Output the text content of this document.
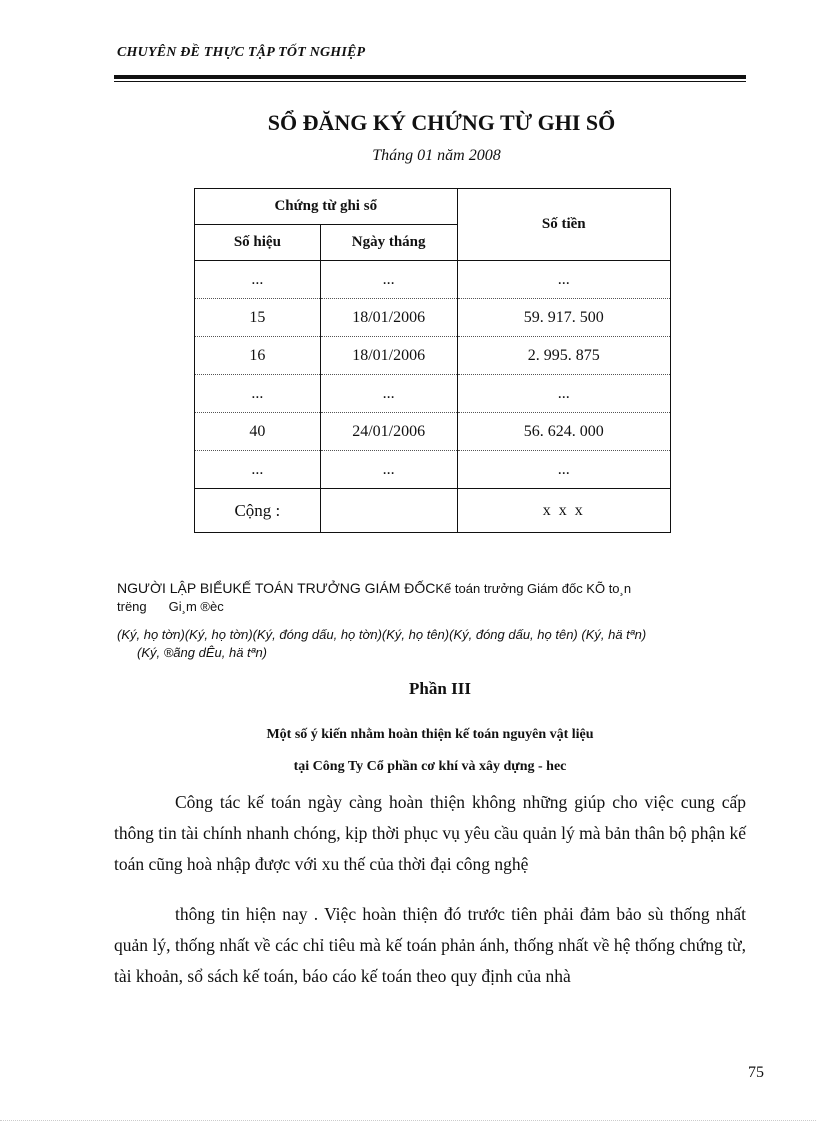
CHUYÊN ĐỀ THỰC TẬP TỐT NGHIỆP
SỔ ĐĂNG KÝ CHỨNG TỪ GHI SỔ
Tháng 01 năm 2008
Chứng từ ghi sổ		Số tiền
Số hiệu	Ngày tháng	
...	...	...
15	18/01/2006	59. 917. 500
16	18/01/2006	2. 995. 875
...	...	...
40	24/01/2006	56. 624. 000
...	...	...
Cộng :		x x x
NGƯỜI LẬP BIỂUKẾ TOÁN TRƯỞNG GIÁM ĐỐCKế toán trưởng Giám đốc KÕ to¸n
trëng Gi¸m ®èc
(Ký, họ tờn)(Ký, họ tờn)(Ký, đóng dấu, họ tờn)(Ký, họ tên)(Ký, đóng dấu, họ tên) (Ký, hä tªn)
(Ký, ®ãng dÊu, hä tªn)
Phần III
Một số ý kiến nhằm hoàn thiện kế toán nguyên vật liệu
tại Công Ty Cổ phần cơ khí và xây dựng - hec
Công tác kế toán ngày càng hoàn thiện không những giúp cho việc cung cấp thông tin tài chính nhanh chóng, kịp thời phục vụ yêu cầu quản lý mà bản thân bộ phận kế toán cũng hoà nhập được với xu thế của thời đại công nghệ
thông tin hiện nay . Việc hoàn thiện đó trước tiên phải đảm bảo sù thống nhất quản lý, thống nhất về các chỉ tiêu mà kế toán phản ánh, thống nhất về hệ thống chứng từ, tài khoản, sổ sách kế toán, báo cáo kế toán theo quy định của nhà
75
